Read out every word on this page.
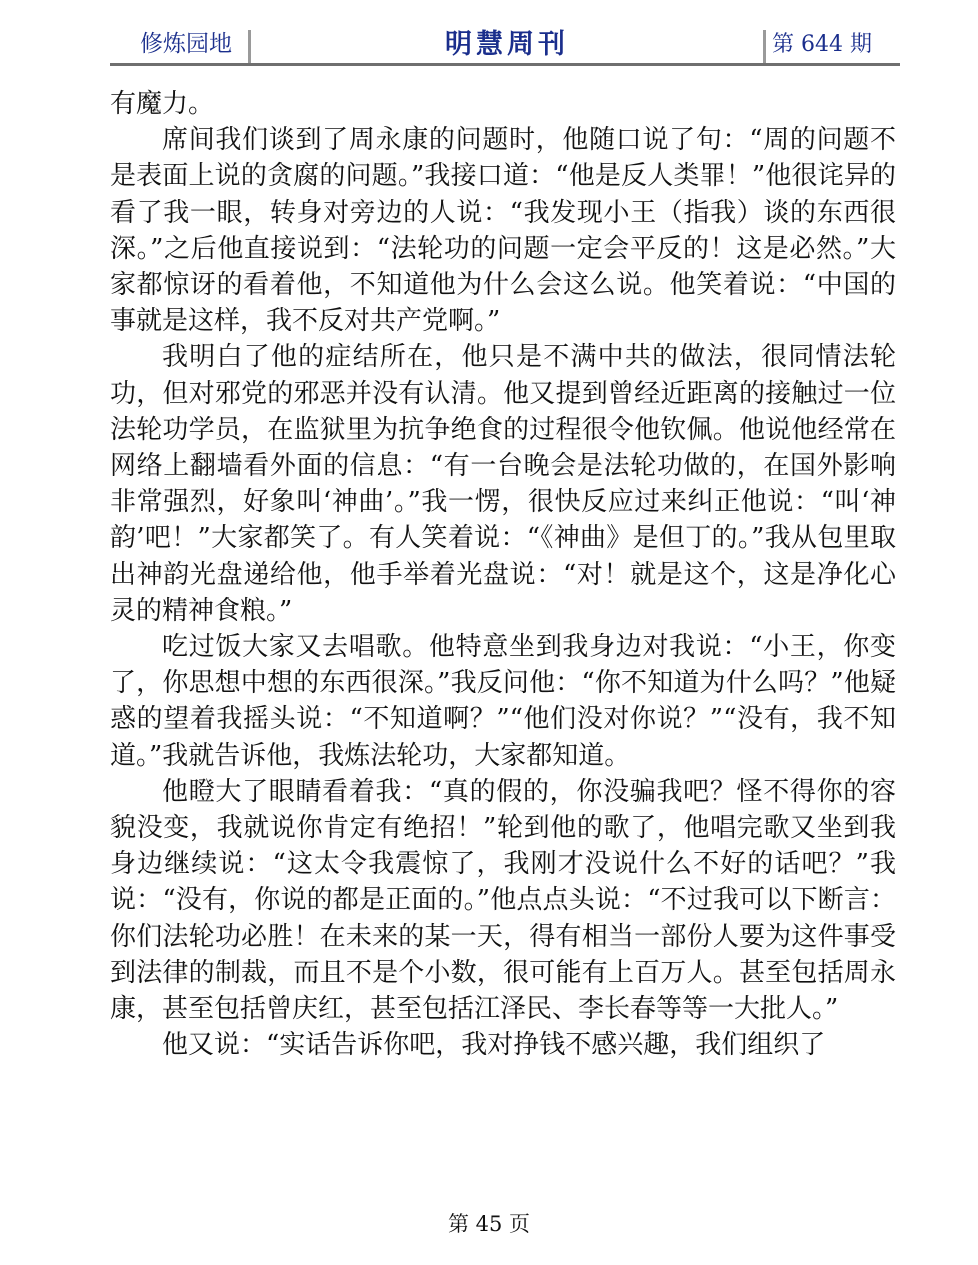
修炼园地	明慧周刊	第 644 期

有魔力。

席间我们谈到了周永康的问题时，他随口说了句：“周的问题不是表面上说的贪腐的问题。”我接口道：“他是反人类罪！”他很诧异的看了我一眼，转身对旁边的人说：“我发现小王（指我）谈的东西很深。”之后他直接说到：“法轮功的问题一定会平反的！这是必然。”大家都惊讶的看着他，不知道他为什么会这么说。他笑着说：“中国的事就是这样，我不反对共产党啊。”

我明白了他的症结所在，他只是不满中共的做法，很同情法轮功，但对邪党的邪恶并没有认清。他又提到曾经近距离的接触过一位法轮功学员，在监狱里为抗争绝食的过程很令他钦佩。他说他经常在网络上翻墙看外面的信息：“有一台晚会是法轮功做的，在国外影响非常强烈，好象叫‘神曲’。”我一愣，很快反应过来纠正他说：“叫‘神韵’吧！”大家都笑了。有人笑着说：“《神曲》是但丁的。”我从包里取出神韵光盘递给他，他手举着光盘说：“对！就是这个，这是净化心灵的精神食粮。”

吃过饭大家又去唱歌。他特意坐到我身边对我说：“小王，你变了，你思想中想的东西很深。”我反问他：“你不知道为什么吗？”他疑惑的望着我摇头说：“不知道啊？”“他们没对你说？”“没有，我不知道。”我就告诉他，我炼法轮功，大家都知道。

他瞪大了眼睛看着我：“真的假的，你没骗我吧？怪不得你的容貌没变，我就说你肯定有绝招！”轮到他的歌了，他唱完歌又坐到我身边继续说：“这太令我震惊了，我刚才没说什么不好的话吧？”我说：“没有，你说的都是正面的。”他点点头说：“不过我可以下断言：你们法轮功必胜！在未来的某一天，得有相当一部份人要为这件事受到法律的制裁，而且不是个小数，很可能有上百万人。甚至包括周永康，甚至包括曾庆红，甚至包括江泽民、李长春等等一大批人。”

他又说：“实话告诉你吧，我对挣钱不感兴趣，我们组织了

第 45 页
